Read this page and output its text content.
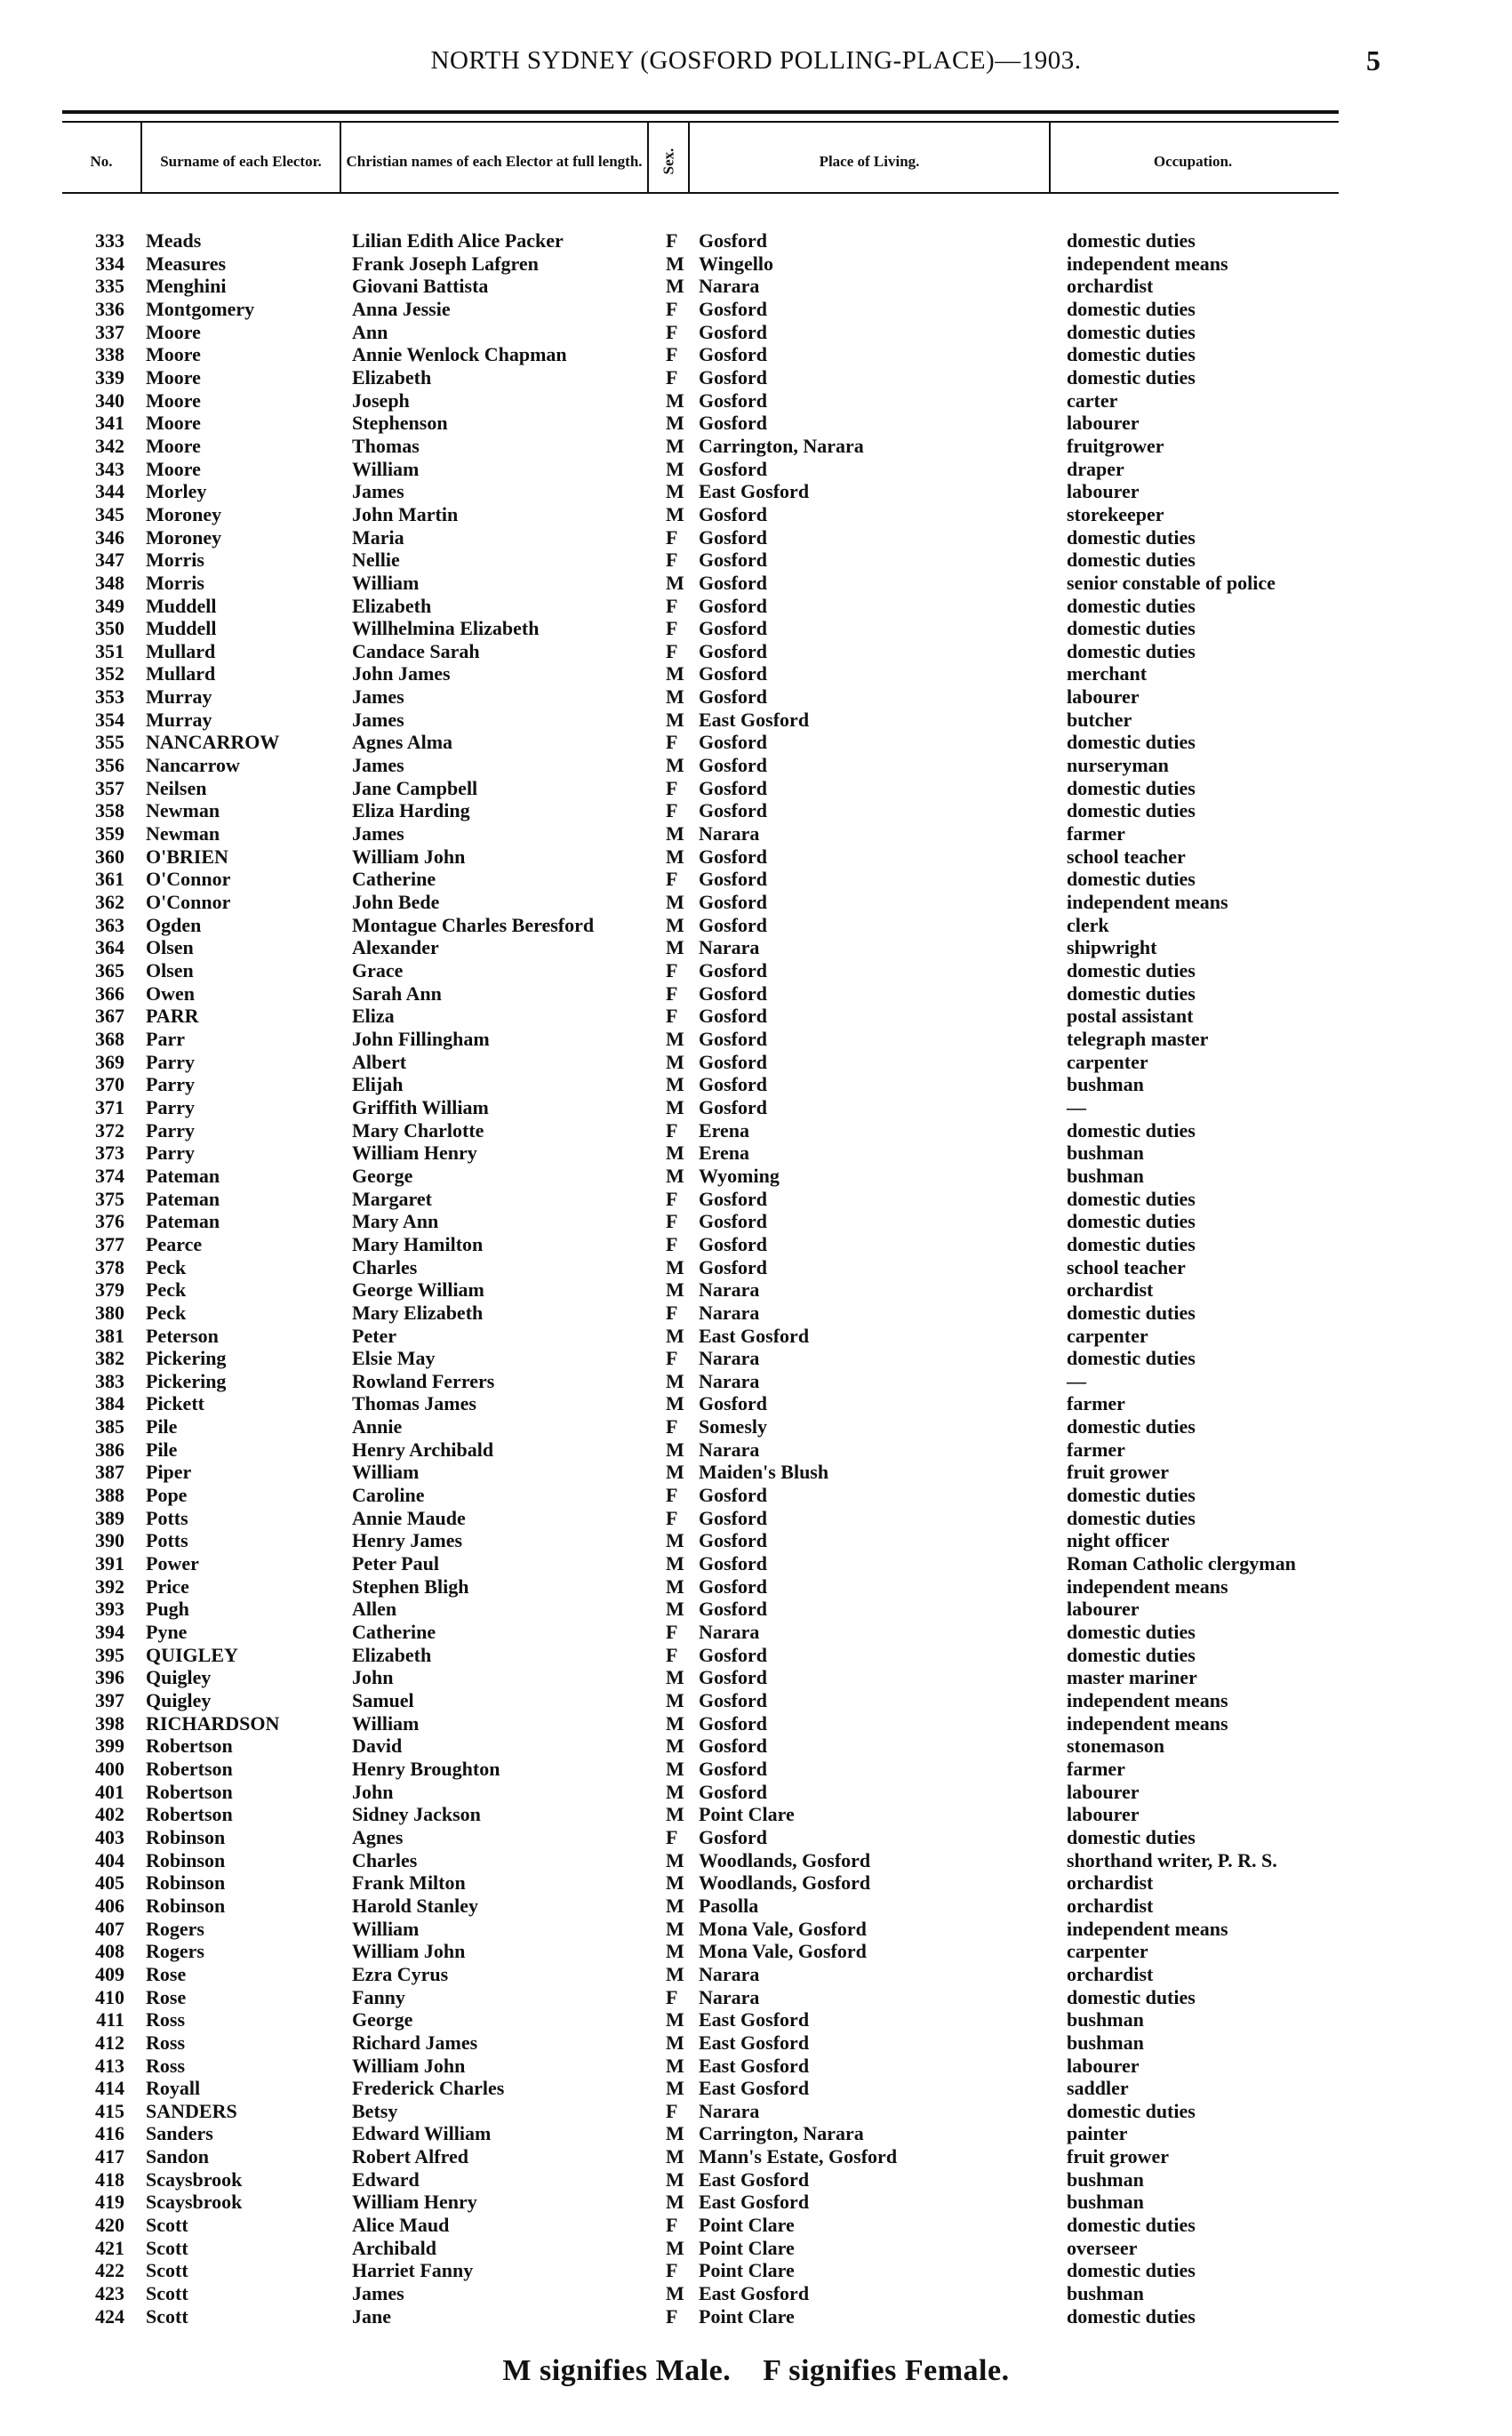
NORTH SYDNEY (GOSFORD POLLING-PLACE)—1903.	5
No.	Surname of each Elector.	Christian names of each Elector at full length.	Sex.	Place of Living.	Occupation.
333 Meads	Lilian Edith Alice Packer	F Gosford	domestic duties
334 Measures	Frank Joseph Lafgren	M Wingello	independent means
335 Menghini	Giovani Battista	M Narara	orchardist
336 Montgomery	Anna Jessie	F Gosford	domestic duties
337 Moore	Ann	F Gosford	domestic duties
338 Moore	Annie Wenlock Chapman	F Gosford	domestic duties
339 Moore	Elizabeth	F Gosford	domestic duties
340 Moore	Joseph	M Gosford	carter
341 Moore	Stephenson	M Gosford	labourer
342 Moore	Thomas	M Carrington, Narara	fruitgrower
343 Moore	William	M Gosford	draper
344 Morley	James	M East Gosford	labourer
345 Moroney	John Martin	M Gosford	storekeeper
346 Moroney	Maria	F Gosford	domestic duties
347 Morris	Nellie	F Gosford	domestic duties
348 Morris	William	M Gosford	senior constable of police
349 Muddell	Elizabeth	F Gosford	domestic duties
350 Muddell	Willhelmina Elizabeth	F Gosford	domestic duties
351 Mullard	Candace Sarah	F Gosford	domestic duties
352 Mullard	John James	M Gosford	merchant
353 Murray	James	M Gosford	labourer
354 Murray	James	M East Gosford	butcher
355 NANCARROW	Agnes Alma	F Gosford	domestic duties
356 Nancarrow	James	M Gosford	nurseryman
357 Neilsen	Jane Campbell	F Gosford	domestic duties
358 Newman	Eliza Harding	F Gosford	domestic duties
359 Newman	James	M Narara	farmer
360 O'BRIEN	William John	M Gosford	school teacher
361 O'Connor	Catherine	F Gosford	domestic duties
362 O'Connor	John Bede	M Gosford	independent means
363 Ogden	Montague Charles Beresford	M Gosford	clerk
364 Olsen	Alexander	M Narara	shipwright
365 Olsen	Grace	F Gosford	domestic duties
366 Owen	Sarah Ann	F Gosford	domestic duties
367 PARR	Eliza	F Gosford	postal assistant
368 Parr	John Fillingham	M Gosford	telegraph master
369 Parry	Albert	M Gosford	carpenter
370 Parry	Elijah	M Gosford	bushman
371 Parry	Griffith William	M Gosford	—
372 Parry	Mary Charlotte	F Erena	domestic duties
373 Parry	William Henry	M Erena	bushman
374 Pateman	George	M Wyoming	bushman
375 Pateman	Margaret	F Gosford	domestic duties
376 Pateman	Mary Ann	F Gosford	domestic duties
377 Pearce	Mary Hamilton	F Gosford	domestic duties
378 Peck	Charles	M Gosford	school teacher
379 Peck	George William	M Narara	orchardist
380 Peck	Mary Elizabeth	F Narara	domestic duties
381 Peterson	Peter	M East Gosford	carpenter
382 Pickering	Elsie May	F Narara	domestic duties
383 Pickering	Rowland Ferrers	M Narara	—
384 Pickett	Thomas James	M Gosford	farmer
385 Pile	Annie	F Somesly	domestic duties
386 Pile	Henry Archibald	M Narara	farmer
387 Piper	William	M Maiden's Blush	fruit grower
388 Pope	Caroline	F Gosford	domestic duties
389 Potts	Annie Maude	F Gosford	domestic duties
390 Potts	Henry James	M Gosford	night officer
391 Power	Peter Paul	M Gosford	Roman Catholic clergyman
392 Price	Stephen Bligh	M Gosford	independent means
393 Pugh	Allen	M Gosford	labourer
394 Pyne	Catherine	F Narara	domestic duties
395 QUIGLEY	Elizabeth	F Gosford	domestic duties
396 Quigley	John	M Gosford	master mariner
397 Quigley	Samuel	M Gosford	independent means
398 RICHARDSON	William	M Gosford	independent means
399 Robertson	David	M Gosford	stonemason
400 Robertson	Henry Broughton	M Gosford	farmer
401 Robertson	John	M Gosford	labourer
402 Robertson	Sidney Jackson	M Point Clare	labourer
403 Robinson	Agnes	F Gosford	domestic duties
404 Robinson	Charles	M Woodlands, Gosford	shorthand writer, P. R. S.
405 Robinson	Frank Milton	M Woodlands, Gosford	orchardist
406 Robinson	Harold Stanley	M Pasolla	orchardist
407 Rogers	William	M Mona Vale, Gosford	independent means
408 Rogers	William John	M Mona Vale, Gosford	carpenter
409 Rose	Ezra Cyrus	M Narara	orchardist
410 Rose	Fanny	F Narara	domestic duties
411 Ross	George	M East Gosford	bushman
412 Ross	Richard James	M East Gosford	bushman
413 Ross	William John	M East Gosford	labourer
414 Royall	Frederick Charles	M East Gosford	saddler
415 SANDERS	Betsy	F Narara	domestic duties
416 Sanders	Edward William	M Carrington, Narara	painter
417 Sandon	Robert Alfred	M Mann's Estate, Gosford	fruit grower
418 Scaysbrook	Edward	M East Gosford	bushman
419 Scaysbrook	William Henry	M East Gosford	bushman
420 Scott	Alice Maud	F Point Clare	domestic duties
421 Scott	Archibald	M Point Clare	overseer
422 Scott	Harriet Fanny	F Point Clare	domestic duties
423 Scott	James	M East Gosford	bushman
424 Scott	Jane	F Point Clare	domestic duties
M signifies Male. F signifies Female.
